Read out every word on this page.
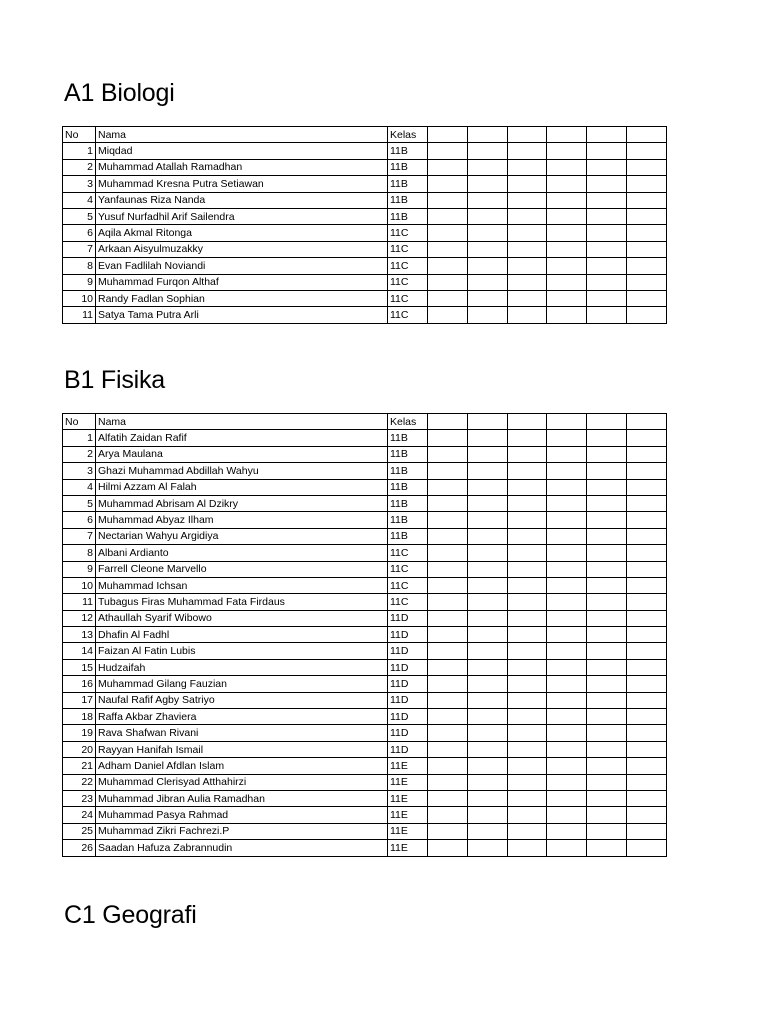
A1 Biologi
No	Nama	Kelas						
1	Miqdad	11B						
2	Muhammad Atallah Ramadhan	11B						
3	Muhammad Kresna Putra Setiawan	11B						
4	Yanfaunas Riza Nanda	11B						
5	Yusuf Nurfadhil Arif Sailendra	11B						
6	Aqila Akmal Ritonga	11C						
7	Arkaan Aisyulmuzakky	11C						
8	Evan Fadlilah Noviandi	11C						
9	Muhammad Furqon Althaf	11C						
10	Randy Fadlan Sophian	11C						
11	Satya Tama Putra Arli	11C						
B1 Fisika
No	Nama	Kelas						
1	Alfatih Zaidan Rafif	11B						
2	Arya Maulana	11B						
3	Ghazi Muhammad Abdillah Wahyu	11B						
4	Hilmi Azzam Al Falah	11B						
5	Muhammad Abrisam Al Dzikry	11B						
6	Muhammad Abyaz Ilham	11B						
7	Nectarian Wahyu Argidiya	11B						
8	Albani Ardianto	11C						
9	Farrell Cleone Marvello	11C						
10	Muhammad Ichsan	11C						
11	Tubagus Firas Muhammad Fata Firdaus	11C						
12	Athaullah Syarif Wibowo	11D						
13	Dhafin Al Fadhl	11D						
14	Faizan Al Fatin Lubis	11D						
15	Hudzaifah	11D						
16	Muhammad Gilang Fauzian	11D						
17	Naufal Rafif Agby Satriyo	11D						
18	Raffa Akbar Zhaviera	11D						
19	Rava Shafwan Rivani	11D						
20	Rayyan Hanifah Ismail	11D						
21	Adham Daniel Afdlan Islam	11E						
22	Muhammad Clerisyad Atthahirzi	11E						
23	Muhammad Jibran Aulia Ramadhan	11E						
24	Muhammad Pasya Rahmad	11E						
25	Muhammad Zikri Fachrezi.P	11E						
26	Saadan Hafuza Zabrannudin	11E						
C1 Geografi
